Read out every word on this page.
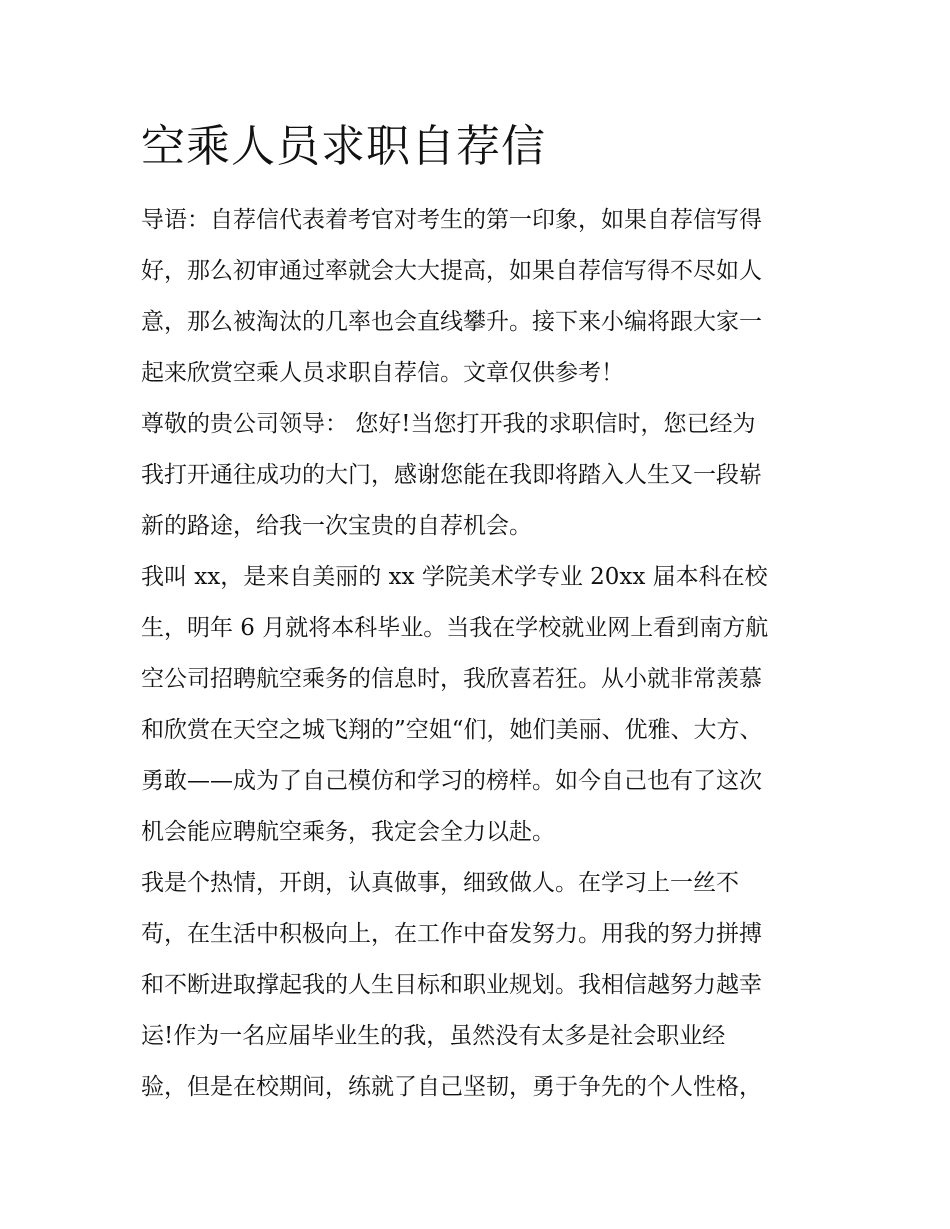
空乘人员求职自荐信

导语：自荐信代表着考官对考生的第一印象，如果自荐信写得

好，那么初审通过率就会大大提高，如果自荐信写得不尽如人

意，那么被淘汰的几率也会直线攀升。接下来小编将跟大家一

起来欣赏空乘人员求职自荐信。文章仅供参考！

尊敬的贵公司领导： 您好!当您打开我的求职信时，您已经为

我打开通往成功的大门，感谢您能在我即将踏入人生又一段崭

新的路途，给我一次宝贵的自荐机会。

我叫 xx，是来自美丽的 xx 学院美术学专业 20xx 届本科在校

生，明年 6 月就将本科毕业。当我在学校就业网上看到南方航

空公司招聘航空乘务的信息时，我欣喜若狂。从小就非常羡慕

和欣赏在天空之城飞翔的”空姐“们，她们美丽、优雅、大方、

勇敢——成为了自己模仿和学习的榜样。如今自己也有了这次

机会能应聘航空乘务，我定会全力以赴。

我是个热情，开朗，认真做事，细致做人。在学习上一丝不

苟，在生活中积极向上，在工作中奋发努力。用我的努力拼搏

和不断进取撑起我的人生目标和职业规划。我相信越努力越幸

运!作为一名应届毕业生的我，虽然没有太多是社会职业经

验，但是在校期间，练就了自己坚韧，勇于争先的个人性格，
